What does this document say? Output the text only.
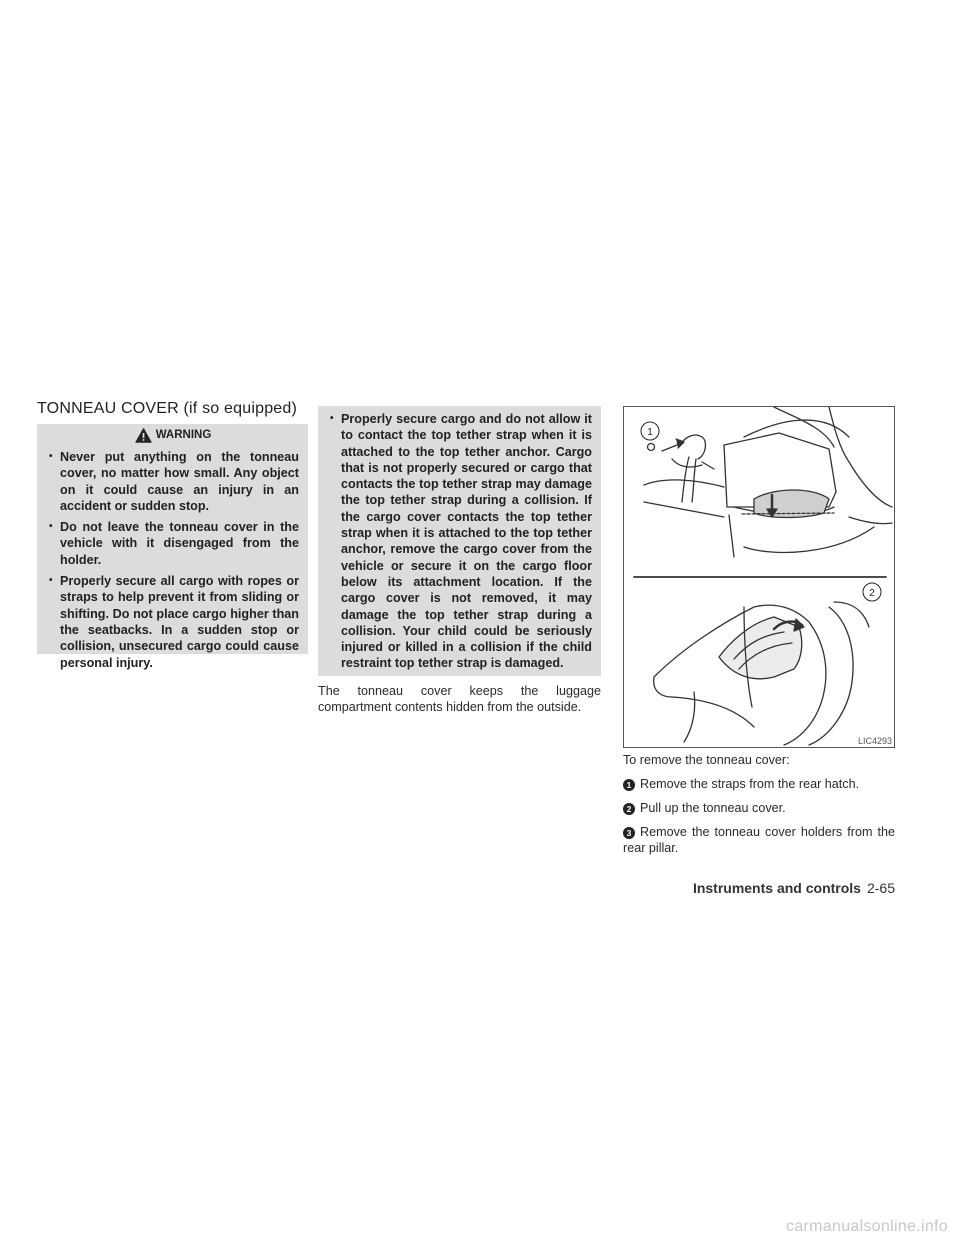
TONNEAU COVER (if so equipped)
WARNING
• Never put anything on the tonneau cover, no matter how small. Any object on it could cause an injury in an accident or sudden stop.
• Do not leave the tonneau cover in the vehicle with it disengaged from the holder.
• Properly secure all cargo with ropes or straps to help prevent it from sliding or shifting. Do not place cargo higher than the seatbacks. In a sudden stop or collision, unsecured cargo could cause personal injury.
• Properly secure cargo and do not allow it to contact the top tether strap when it is attached to the top tether anchor. Cargo that is not properly secured or cargo that contacts the top tether strap may damage the top tether strap during a collision. If the cargo cover contacts the top tether strap when it is attached to the top tether anchor, remove the cargo cover from the vehicle or secure it on the cargo floor below its attachment location. If the cargo cover is not removed, it may damage the top tether strap during a collision. Your child could be seriously injured or killed in a collision if the child restraint top tether strap is damaged.
The tonneau cover keeps the luggage compartment contents hidden from the outside.
1
2
LIC4293
To remove the tonneau cover:
1 Remove the straps from the rear hatch.
2 Pull up the tonneau cover.
3 Remove the tonneau cover holders from the rear pillar.
Instruments and controls 2-65
carmanualsonline.info
